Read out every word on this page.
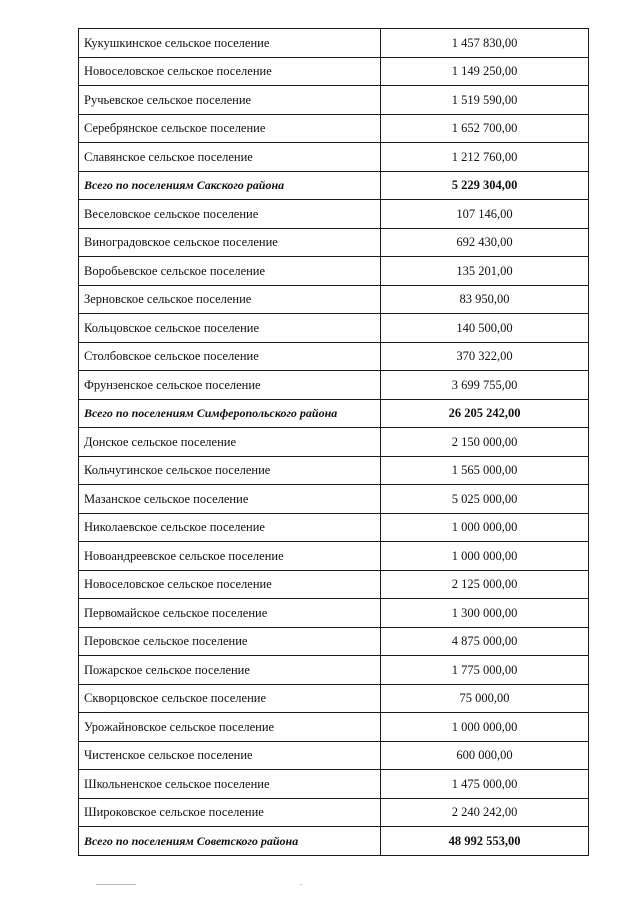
Кукушкинское сельское поселение	1 457 830,00
Новоселовское сельское поселение	1 149 250,00
Ручьевское сельское поселение	1 519 590,00
Серебрянское сельское поселение	1 652 700,00
Славянское сельское поселение	1 212 760,00
Всего по поселениям Сакского района	5 229 304,00
Веселовское сельское поселение	107 146,00
Виноградовское сельское поселение	692 430,00
Воробьевское сельское поселение	135 201,00
Зерновское сельское поселение	83 950,00
Кольцовское сельское поселение	140 500,00
Столбовское сельское поселение	370 322,00
Фрунзенское сельское поселение	3 699 755,00
Всего по поселениям Симферопольского района	26 205 242,00
Донское сельское поселение	2 150 000,00
Кольчугинское сельское поселение	1 565 000,00
Мазанское сельское поселение	5 025 000,00
Николаевское сельское поселение	1 000 000,00
Новоандреевское сельское поселение	1 000 000,00
Новоселовское сельское поселение	2 125 000,00
Первомайское сельское поселение	1 300 000,00
Перовское сельское поселение	4 875 000,00
Пожарское сельское поселение	1 775 000,00
Скворцовское сельское поселение	75 000,00
Урожайновское сельское поселение	1 000 000,00
Чистенское сельское поселение	600 000,00
Школьненское сельское поселение	1 475 000,00
Широковское сельское поселение	2 240 242,00
Всего по поселениям Советского района	48 992 553,00
